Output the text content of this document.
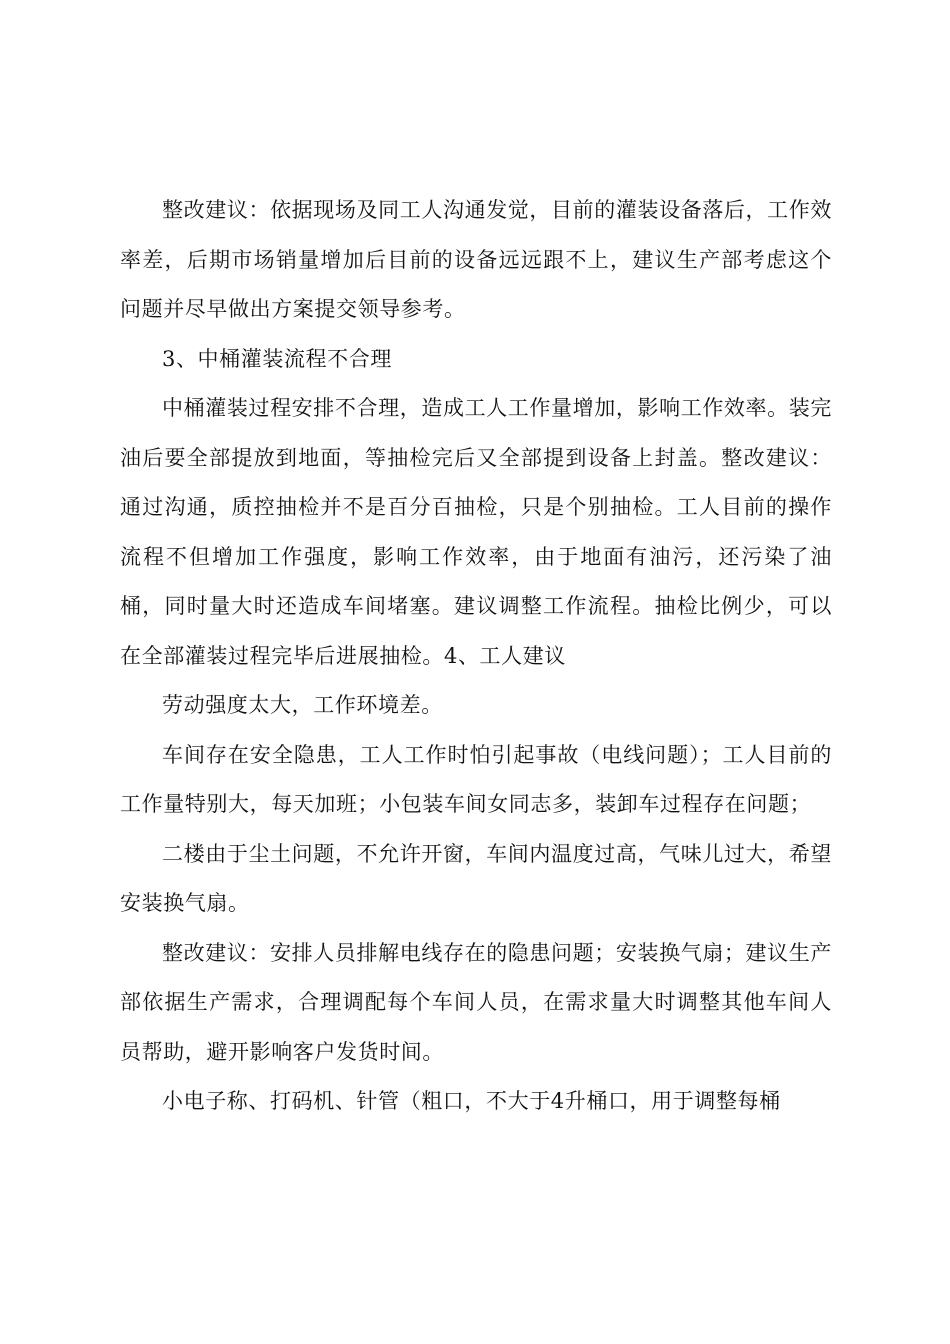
整改建议：依据现场及同工人沟通发觉，目前的灌装设备落后，工作效率差，后期市场销量增加后目前的设备远远跟不上，建议生产部考虑这个问题并尽早做出方案提交领导参考。

3、中桶灌装流程不合理

中桶灌装过程安排不合理，造成工人工作量增加，影响工作效率。装完油后要全部提放到地面，等抽检完后又全部提到设备上封盖。整改建议：通过沟通，质控抽检并不是百分百抽检，只是个别抽检。工人目前的操作流程不但增加工作强度，影响工作效率，由于地面有油污，还污染了油桶，同时量大时还造成车间堵塞。建议调整工作流程。抽检比例少，可以在全部灌装过程完毕后进展抽检。4、工人建议

劳动强度太大，工作环境差。

车间存在安全隐患，工人工作时怕引起事故（电线问题）；工人目前的工作量特别大，每天加班；小包装车间女同志多，装卸车过程存在问题；

二楼由于尘土问题，不允许开窗，车间内温度过高，气味儿过大，希望安装换气扇。

整改建议：安排人员排解电线存在的隐患问题；安装换气扇；建议生产部依据生产需求，合理调配每个车间人员，在需求量大时调整其他车间人员帮助，避开影响客户发货时间。

小电子称、打码机、针管（粗口，不大于4升桶口，用于调整每桶
